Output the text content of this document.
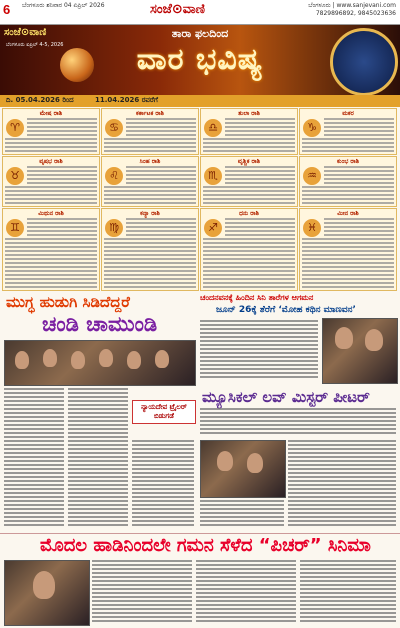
6 ಬೆಂಗಳೂರು ಶನಿವಾರ 04 ಏಪ್ರಿಲ್ 2026	ಸಂಜೆ⊙ವಾಣಿ	ಬೆಂಗಳೂರು | www.sanjevani.com
7829896892, 9845023636
ಸಂಜೆ⊙ವಾಣಿ
ಬೆಂಗಳೂರು ಏಪ್ರಿಲ್ 4-5, 2026
ತಾರಾ ಫಲದಿಂದ
ವಾರ ಭವಿಷ್ಯ
ದಿ. 05.04.2026 ರಿಂದ	11.04.2026 ರವರೆಗೆ
ಮೇಷ ರಾಶಿ
♈
ಕರ್ಕಾಟಕ ರಾಶಿ
♋
ತುಲಾ ರಾಶಿ
♎
ಮಕರ
♑
ವೃಷಭ ರಾಶಿ
♉
ಸಿಂಹ ರಾಶಿ
♌
ವೃಶ್ಚಿಕ ರಾಶಿ
♏
ಕುಂಭ ರಾಶಿ
♒
ಮಿಥುನ ರಾಶಿ
♊
ಕನ್ಯಾ ರಾಶಿ
♍
ಧನು ರಾಶಿ
♐
ಮೀನ ರಾಶಿ
♓
ಮುಗ್ಧ ಹುಡುಗಿ ಸಿಡಿದೆದ್ದರೆ
ಚಂಡಿ ಚಾಮುಂಡಿ
ನ್ಯಾಯದೇವ ಟ್ರೈಲರ್ ಬಿಡುಗಡೆ
ಚಂದನವನಕ್ಕೆ ಹಿಂದಿನ ಸಿನಿ ತಾರೆಗಳ ಆಗಮನ
ಜೂನ್ 26ಕ್ಕೆ ತೆರೆಗೆ ‘ಮೋಹ ಕಥಿನ ಮಾಣವನ’
ಮ್ಯೂಸಿಕಲ್ ಲವ್ ಮಿಸ್ಟರ್ ಪೀಟರ್
ಮೊದಲ ಹಾಡಿನಿಂದಲೇ ಗಮನ ಸೆಳೆದ “ಪಿಚರ್” ಸಿನಿಮಾ
